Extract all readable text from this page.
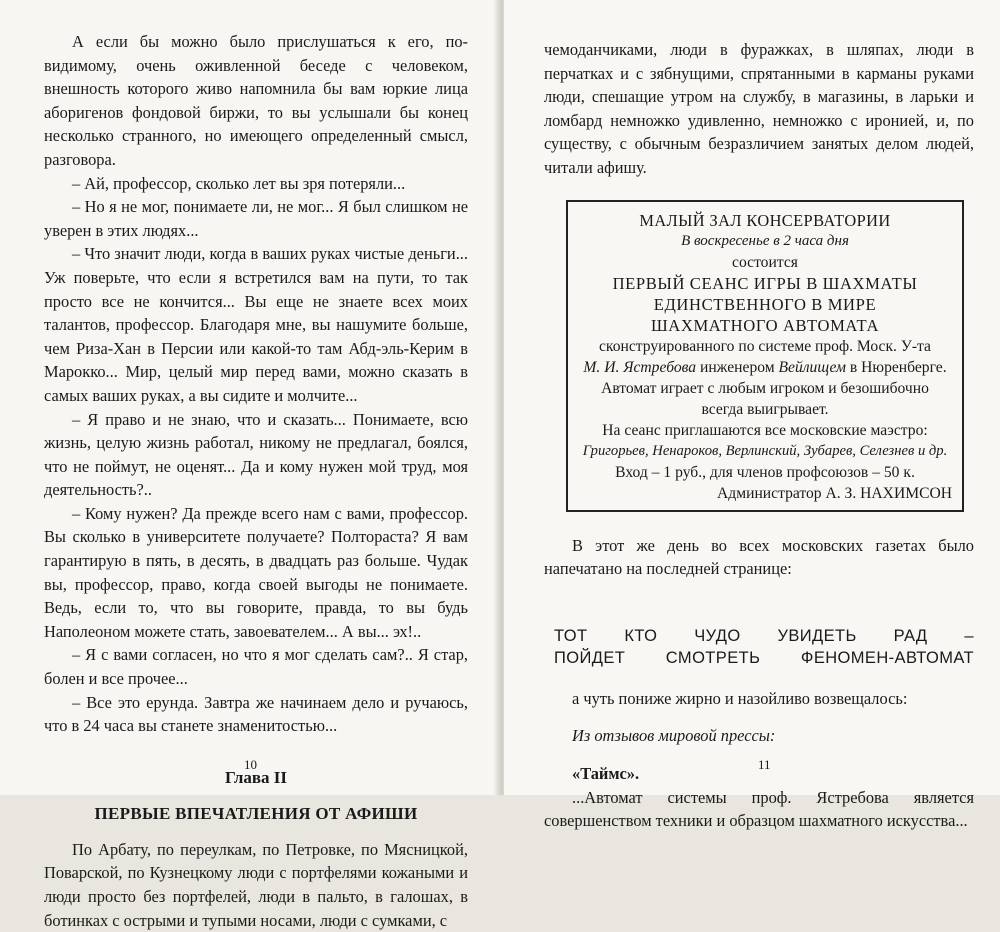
А если бы можно было прислушаться к его, по-видимому, очень оживленной беседе с человеком, внешность которого живо напомнила бы вам юркие лица аборигенов фондовой биржи, то вы услышали бы конец несколько странного, но имеющего определенный смысл, разговора.

– Ай, профессор, сколько лет вы зря потеряли...

– Но я не мог, понимаете ли, не мог... Я был слишком не уверен в этих людях...

– Что значит люди, когда в ваших руках чистые деньги... Уж поверьте, что если я встретился вам на пути, то так просто все не кончится... Вы еще не знаете всех моих талантов, профессор. Благодаря мне, вы нашумите больше, чем Риза-Хан в Персии или какой-то там Абд-эль-Керим в Марокко... Мир, целый мир перед вами, можно сказать в самых ваших руках, а вы сидите и молчите...

– Я право и не знаю, что и сказать... Понимаете, всю жизнь, целую жизнь работал, никому не предлагал, боялся, что не поймут, не оценят... Да и кому нужен мой труд, моя деятельность?..

– Кому нужен? Да прежде всего нам с вами, профессор. Вы сколько в университете получаете? Полтораста? Я вам гарантирую в пять, в десять, в двадцать раз больше. Чудак вы, профессор, право, когда своей выгоды не понимаете. Ведь, если то, что вы говорите, правда, то вы будь Наполеоном можете стать, завоевателем... А вы... эх!..

– Я с вами согласен, но что я мог сделать сам?.. Я стар, болен и все прочее...

– Все это ерунда. Завтра же начинаем дело и ручаюсь, что в 24 часа вы станете знаменитостью...

Глава II
ПЕРВЫЕ ВПЕЧАТЛЕНИЯ ОТ АФИШИ

По Арбату, по переулкам, по Петровке, по Мясницкой, Поварской, по Кузнецкому люди с портфелями кожаными и люди просто без портфелей, люди в пальто, в галошах, в ботинках с острыми и тупыми носами, люди с сумками, с

10

чемоданчиками, люди в фуражках, в шляпах, люди в перчатках и с зябнущими, спрятанными в карманы руками люди, спешащие утром на службу, в магазины, в ларьки и ломбард немножко удивленно, немножко с иронией, и, по существу, с обычным безразличием занятых делом людей, читали афишу.

МАЛЫЙ ЗАЛ КОНСЕРВАТОРИИ
В воскресенье в 2 часа дня
состоится
ПЕРВЫЙ СЕАНС ИГРЫ В ШАХМАТЫ
ЕДИНСТВЕННОГО В МИРЕ
ШАХМАТНОГО АВТОМАТА
сконструированного по системе проф. Моск. У-та
М. И. Ястребова инженером Вейлищем в Нюренберге.
Автомат играет с любым игроком и безошибочно
всегда выигрывает.
На сеанс приглашаются все московские маэстро:
Григорьев, Ненароков, Верлинский, Зубарев, Селезнев и др.
Вход – 1 руб., для членов профсоюзов – 50 к.
Администратор А. З. НАХИМСОН

В этот же день во всех московских газетах было напечатано на последней странице:

ТОТ КТО ЧУДО УВИДЕТЬ РАД –
ПОЙДЕТ СМОТРЕТЬ ФЕНОМЕН-АВТОМАТ

а чуть пониже жирно и назойливо возвещалось:

Из отзывов мировой прессы:

«Таймс».

...Автомат системы проф. Ястребова является совершенством техники и образцом шахматного искусства...

11
